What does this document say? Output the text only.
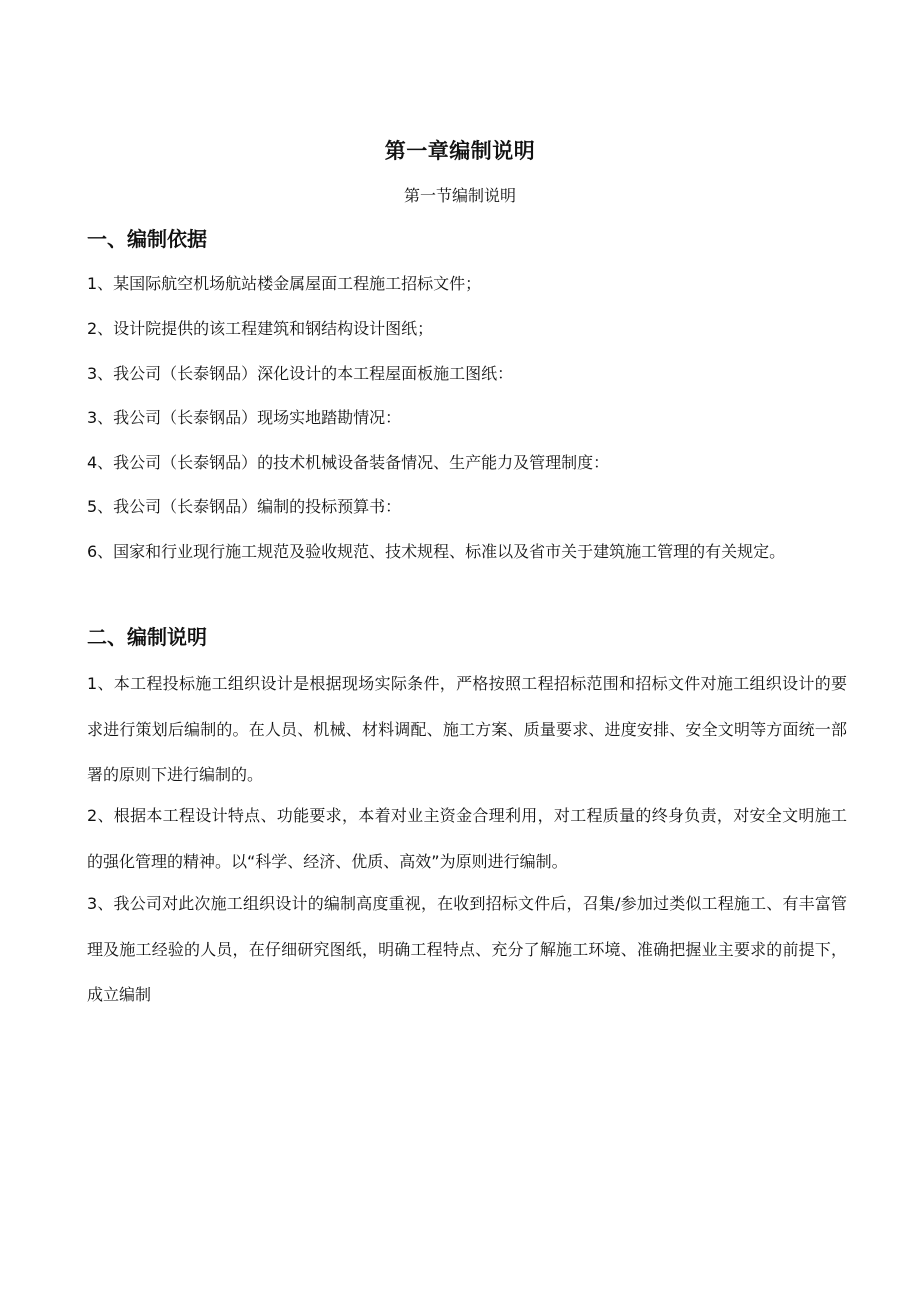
第一章编制说明
第一节编制说明
一、编制依据

1、某国际航空机场航站楼金属屋面工程施工招标文件；

2、设计院提供的该工程建筑和钢结构设计图纸；

3、我公司（长泰钢品）深化设计的本工程屋面板施工图纸：

3、我公司（长泰钢品）现场实地踏勘情况：

4、我公司（长泰钢品）的技术机械设备装备情况、生产能力及管理制度：

5、我公司（长泰钢品）编制的投标预算书：

6、国家和行业现行施工规范及验收规范、技术规程、标准以及省市关于建筑施工管理的有关规定。

二、编制说明

1、本工程投标施工组织设计是根据现场实际条件，严格按照工程招标范围和招标文件对施工组织设计的要求进行策划后编制的。在人员、机械、材料调配、施工方案、质量要求、进度安排、安全文明等方面统一部署的原则下进行编制的。

2、根据本工程设计特点、功能要求，本着对业主资金合理利用，对工程质量的终身负责，对安全文明施工的强化管理的精神。以“科学、经济、优质、高效”为原则进行编制。

3、我公司对此次施工组织设计的编制高度重视，在收到招标文件后，召集/参加过类似工程施工、有丰富管理及施工经验的人员，在仔细研究图纸，明确工程特点、充分了解施工环境、准确把握业主要求的前提下，成立编制
